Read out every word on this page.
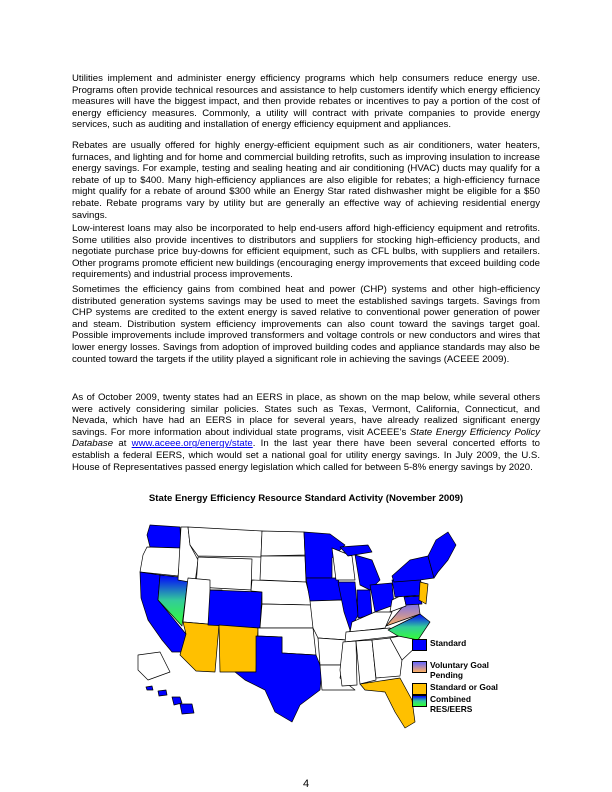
Utilities implement and administer energy efficiency programs which help consumers reduce energy use. Programs often provide technical resources and assistance to help customers identify which energy efficiency measures will have the biggest impact, and then provide rebates or incentives to pay a portion of the cost of energy efficiency measures. Commonly, a utility will contract with private companies to provide energy services, such as auditing and installation of energy efficiency equipment and appliances.

Rebates are usually offered for highly energy-efficient equipment such as air conditioners, water heaters, furnaces, and lighting and for home and commercial building retrofits, such as improving insulation to increase energy savings. For example, testing and sealing heating and air conditioning (HVAC) ducts may qualify for a rebate of up to $400. Many high-efficiency appliances are also eligible for rebates; a high-efficiency furnace might qualify for a rebate of around $300 while an Energy Star rated dishwasher might be eligible for a $50 rebate. Rebate programs vary by utility but are generally an effective way of achieving residential energy savings.

Low-interest loans may also be incorporated to help end-users afford high-efficiency equipment and retrofits. Some utilities also provide incentives to distributors and suppliers for stocking high-efficiency products, and negotiate purchase price buy-downs for efficient equipment, such as CFL bulbs, with suppliers and retailers. Other programs promote efficient new buildings (encouraging energy improvements that exceed building code requirements) and industrial process improvements.

Sometimes the efficiency gains from combined heat and power (CHP) systems and other high-efficiency distributed generation systems savings may be used to meet the established savings targets. Savings from CHP systems are credited to the extent energy is saved relative to conventional power generation of power and steam. Distribution system efficiency improvements can also count toward the savings target goal. Possible improvements include improved transformers and voltage controls or new conductors and wires that lower energy losses. Savings from adoption of improved building codes and appliance standards may also be counted toward the targets if the utility played a significant role in achieving the savings (ACEEE 2009).

As of October 2009, twenty states had an EERS in place, as shown on the map below, while several others were actively considering similar policies. States such as Texas, Vermont, California, Connecticut, and Nevada, which have had an EERS in place for several years, have already realized significant energy savings. For more information about individual state programs, visit ACEEE’s State Energy Efficiency Policy Database at www.aceee.org/energy/state. In the last year there have been several concerted efforts to establish a federal EERS, which would set a national goal for utility energy savings. In July 2009, the U.S. House of Representatives passed energy legislation which called for between 5-8% energy savings by 2020.

State Energy Efficiency Resource Standard Activity (November 2009)
Standard
Voluntary Goal Pending
Standard or Goal
Combined RES/EERS
4
